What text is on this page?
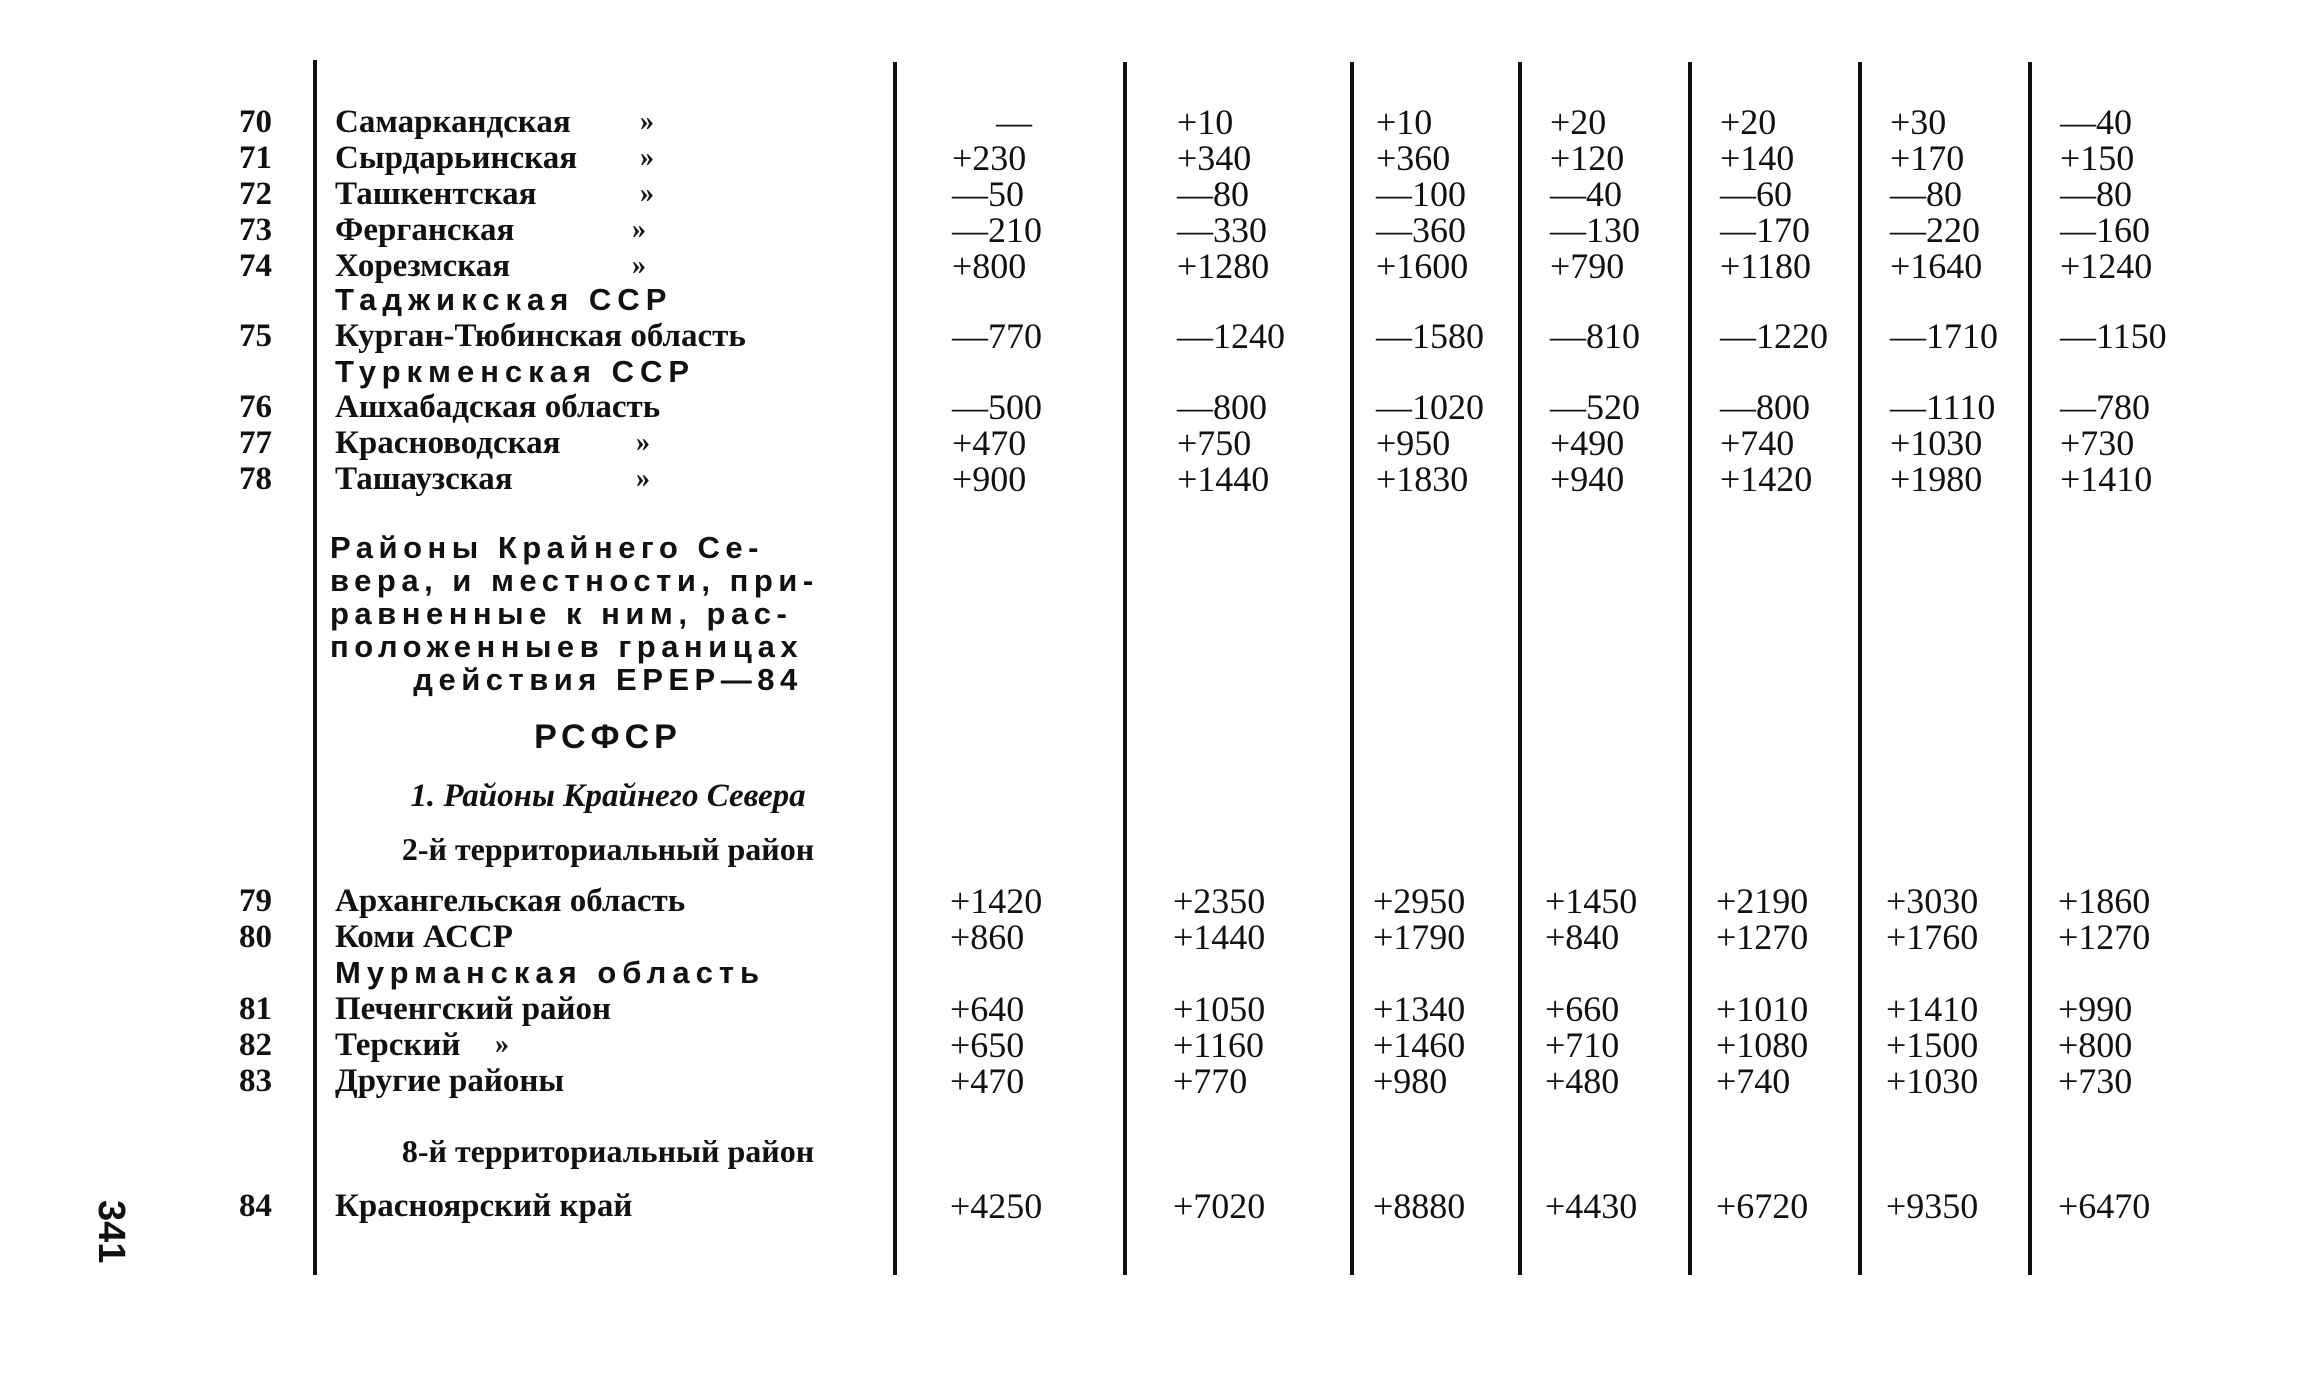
70 Самаркандская »	—	+10	+10	+20	+20	+30	—40
71 Сырдарьинская »	+230	+340	+360	+120	+140	+170	+150
72 Ташкентская	»	—50	—80	—100 —40	—60	—80	—80
73 Ферганская	»	—210	—330	—360 —130 —170 —220 —160
74 Хорезмская	»	+800	+1280	+1600 +790	+1180 +1640 +1240
Таджикская ССР
75 Курган-Тюбинская область	—770	—1240	—1580 —810 —1220 —1710 —1150
Туркменская ССР
76 Ашхабадская область	—500	—800	—1020 —520 —800 —1110 —780
77 Красноводская	»	+470	+750	+950	+490	+740	+1030 +730
78 Ташаузская	»	+900	+1440	+1830 +940	+1420 +1980 +1410
Районы Крайнего Се-
вера, и местности, при-
равненные к ним, рас-
положенныев границах
действия ЕРЕР—84
РСФСР
1. Районы Крайнего Севера
2-й территориальный район
79 Архангельская область	+1420	+2350	+2950 +1450 +2190 +3030 +1860
80 Коми АССР	+860	+1440	+1790 +840	+1270 +1760 +1270
Мурманская область
81 Печенгский район	+640	+1050	+1340 +660	+1010 +1410 +990
82 Терский »	+650	+1160	+1460 +710	+1080 +1500 +800
83 Другие районы	+470	+770	+980	+480	+740	+1030 +730
8-й территориальный район
84 Красноярский край	+4250	+7020	+8880 +4430 +6720 +9350 +6470
341
